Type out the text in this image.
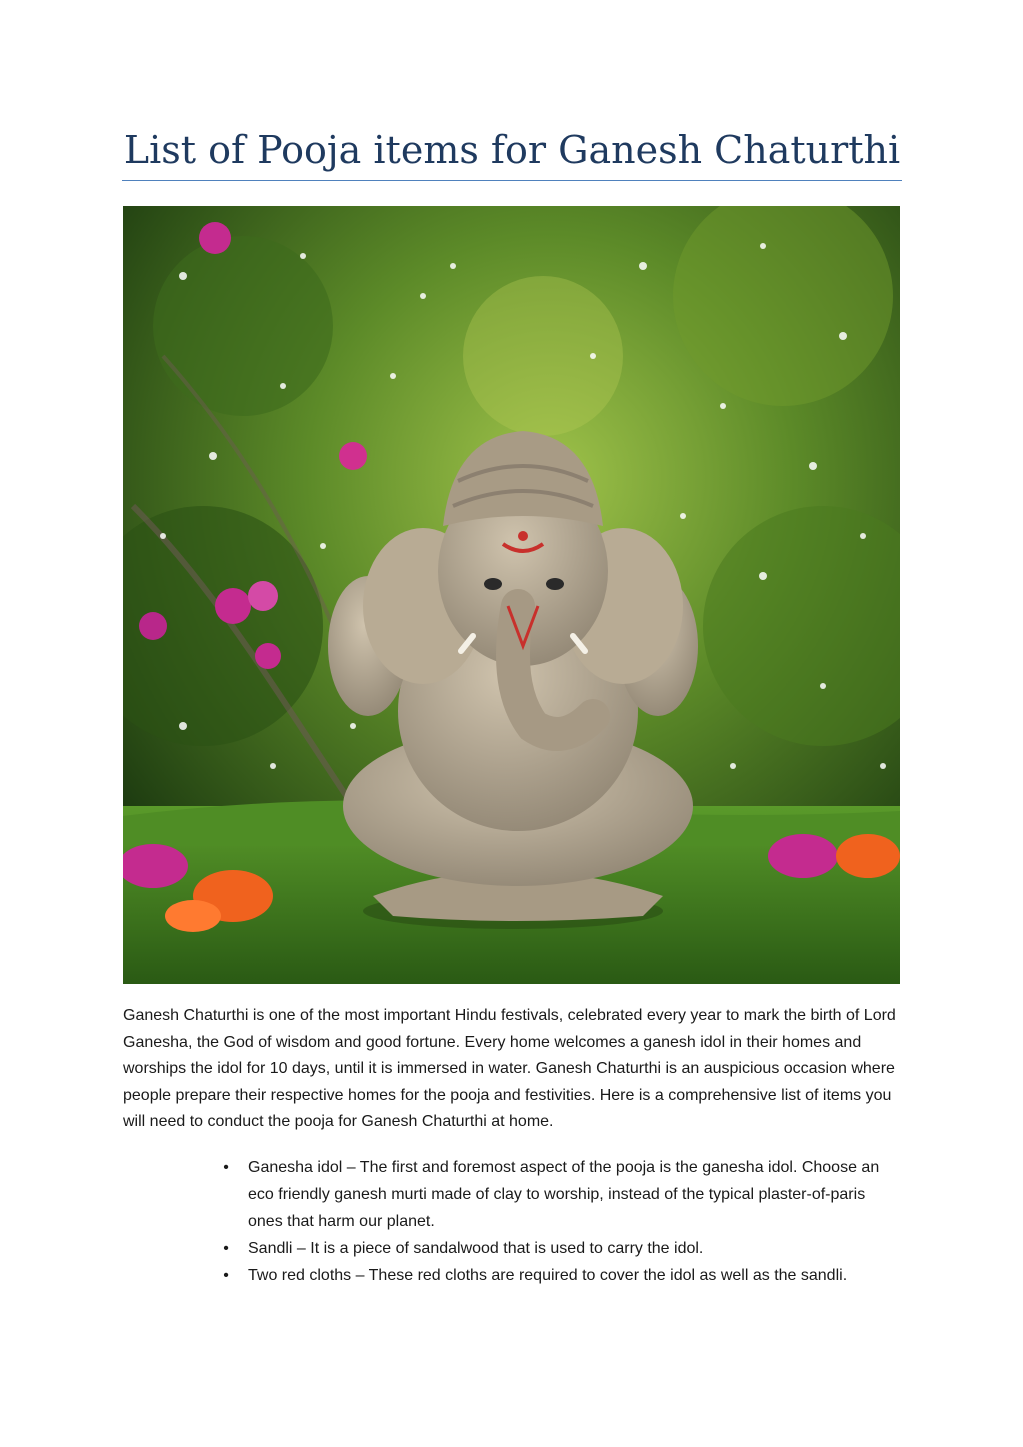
List of Pooja items for Ganesh Chaturthi

Ganesh Chaturthi is one of the most important Hindu festivals, celebrated every year to mark the birth of Lord Ganesha, the God of wisdom and good fortune. Every home welcomes a ganesh idol in their homes and worships the idol for 10 days, until it is immersed in water. Ganesh Chaturthi is an auspicious occasion where people prepare their respective homes for the pooja and festivities. Here is a comprehensive list of items you will need to conduct the pooja for Ganesh Chaturthi at home.

• Ganesha idol – The first and foremost aspect of the pooja is the ganesha idol. Choose an eco friendly ganesh murti made of clay to worship, instead of the typical plaster-of-paris ones that harm our planet.
• Sandli – It is a piece of sandalwood that is used to carry the idol.
• Two red cloths – These red cloths are required to cover the idol as well as the sandli.
